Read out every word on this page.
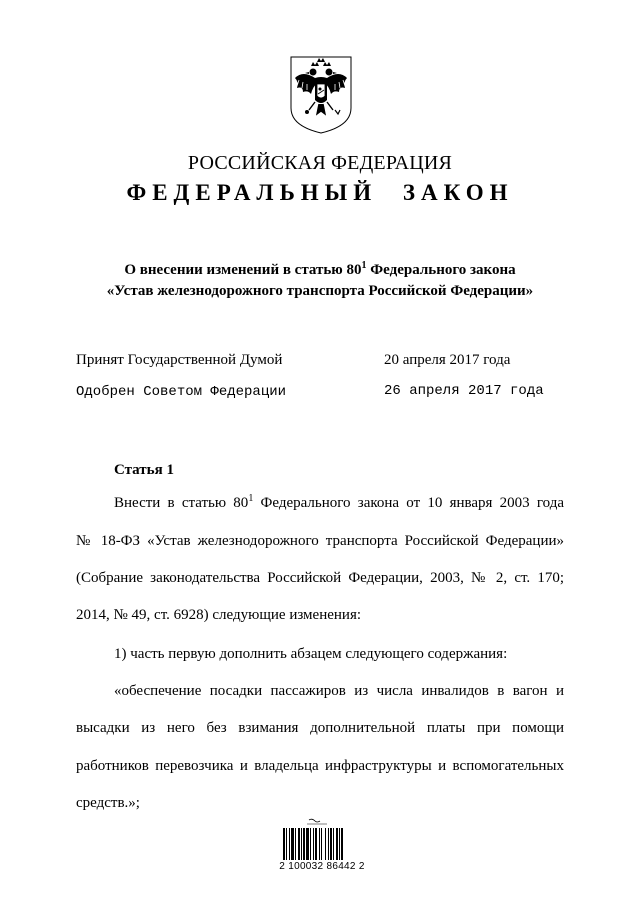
РОССИЙСКАЯ ФЕДЕРАЦИЯ
ФЕДЕРАЛЬНЫЙ ЗАКОН
О внесении изменений в статью $80^1$ Федерального закона
«Устав железнодорожного транспорта Российской Федерации»
Принят Государственной Думой	20 апреля 2017 года
Одобрен Советом Федерации	26 апреля 2017 года
Статья 1
Внести в статью $80^1$ Федерального закона от 10 января 2003 года
№ 18-ФЗ «Устав железнодорожного транспорта Российской Федерации»
(Собрание законодательства Российской Федерации, 2003, № 2, ст. 170;
2014, № 49, ст. 6928) следующие изменения:
1) часть первую дополнить абзацем следующего содержания:
«обеспечение посадки пассажиров из числа инвалидов в вагон и
высадки из него без взимания дополнительной платы при помощи
работников перевозчика и владельца инфраструктуры и вспомогательных
средств.»;
2 100032 86442 2
